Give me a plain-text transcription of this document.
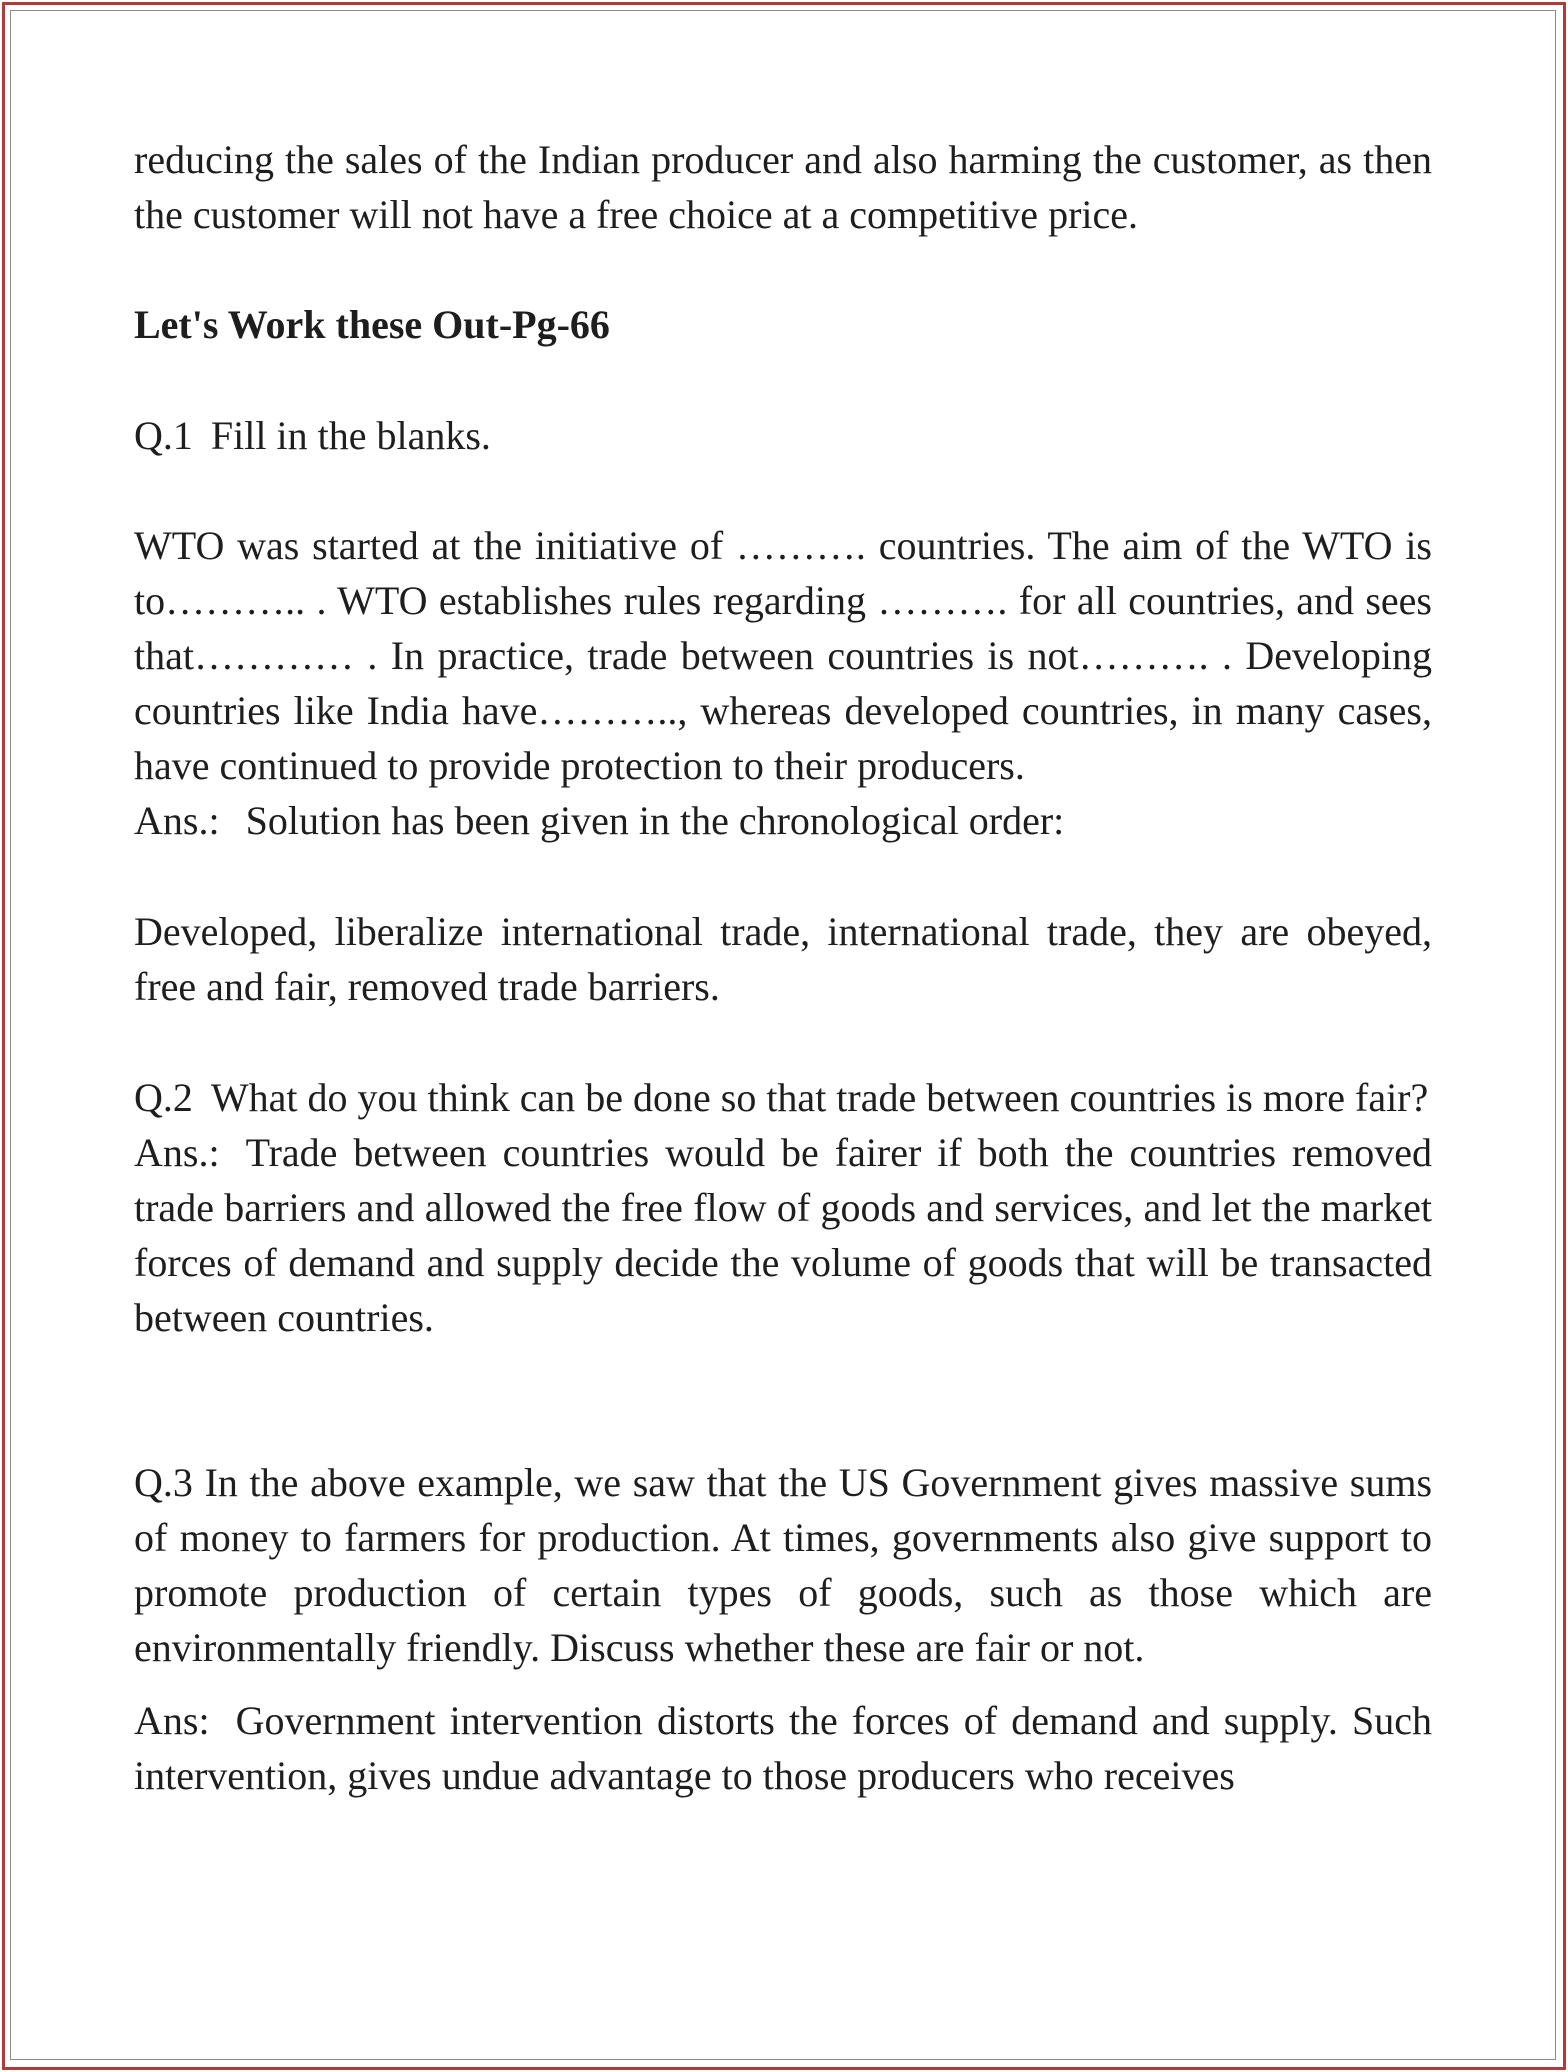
reducing the sales of the Indian producer and also harming the customer, as then the customer will not have a free choice at a competitive price.

Let's Work these Out-Pg-66

Q.1 Fill in the blanks.

WTO was started at the initiative of ………. countries. The aim of the WTO is to……….. . WTO establishes rules regarding ………. for all countries, and sees that………… . In practice, trade between countries is not………. . Developing countries like India have……….., whereas developed countries, in many cases, have continued to provide protection to their producers.

Ans.: Solution has been given in the chronological order:

Developed, liberalize international trade, international trade, they are obeyed, free and fair, removed trade barriers.

Q.2 What do you think can be done so that trade between countries is more fair?

Ans.: Trade between countries would be fairer if both the countries removed trade barriers and allowed the free flow of goods and services, and let the market forces of demand and supply decide the volume of goods that will be transacted between countries.

Q.3 In the above example, we saw that the US Government gives massive sums of money to farmers for production. At times, governments also give support to promote production of certain types of goods, such as those which are environmentally friendly. Discuss whether these are fair or not.

Ans: Government intervention distorts the forces of demand and supply. Such intervention, gives undue advantage to those producers who receives
